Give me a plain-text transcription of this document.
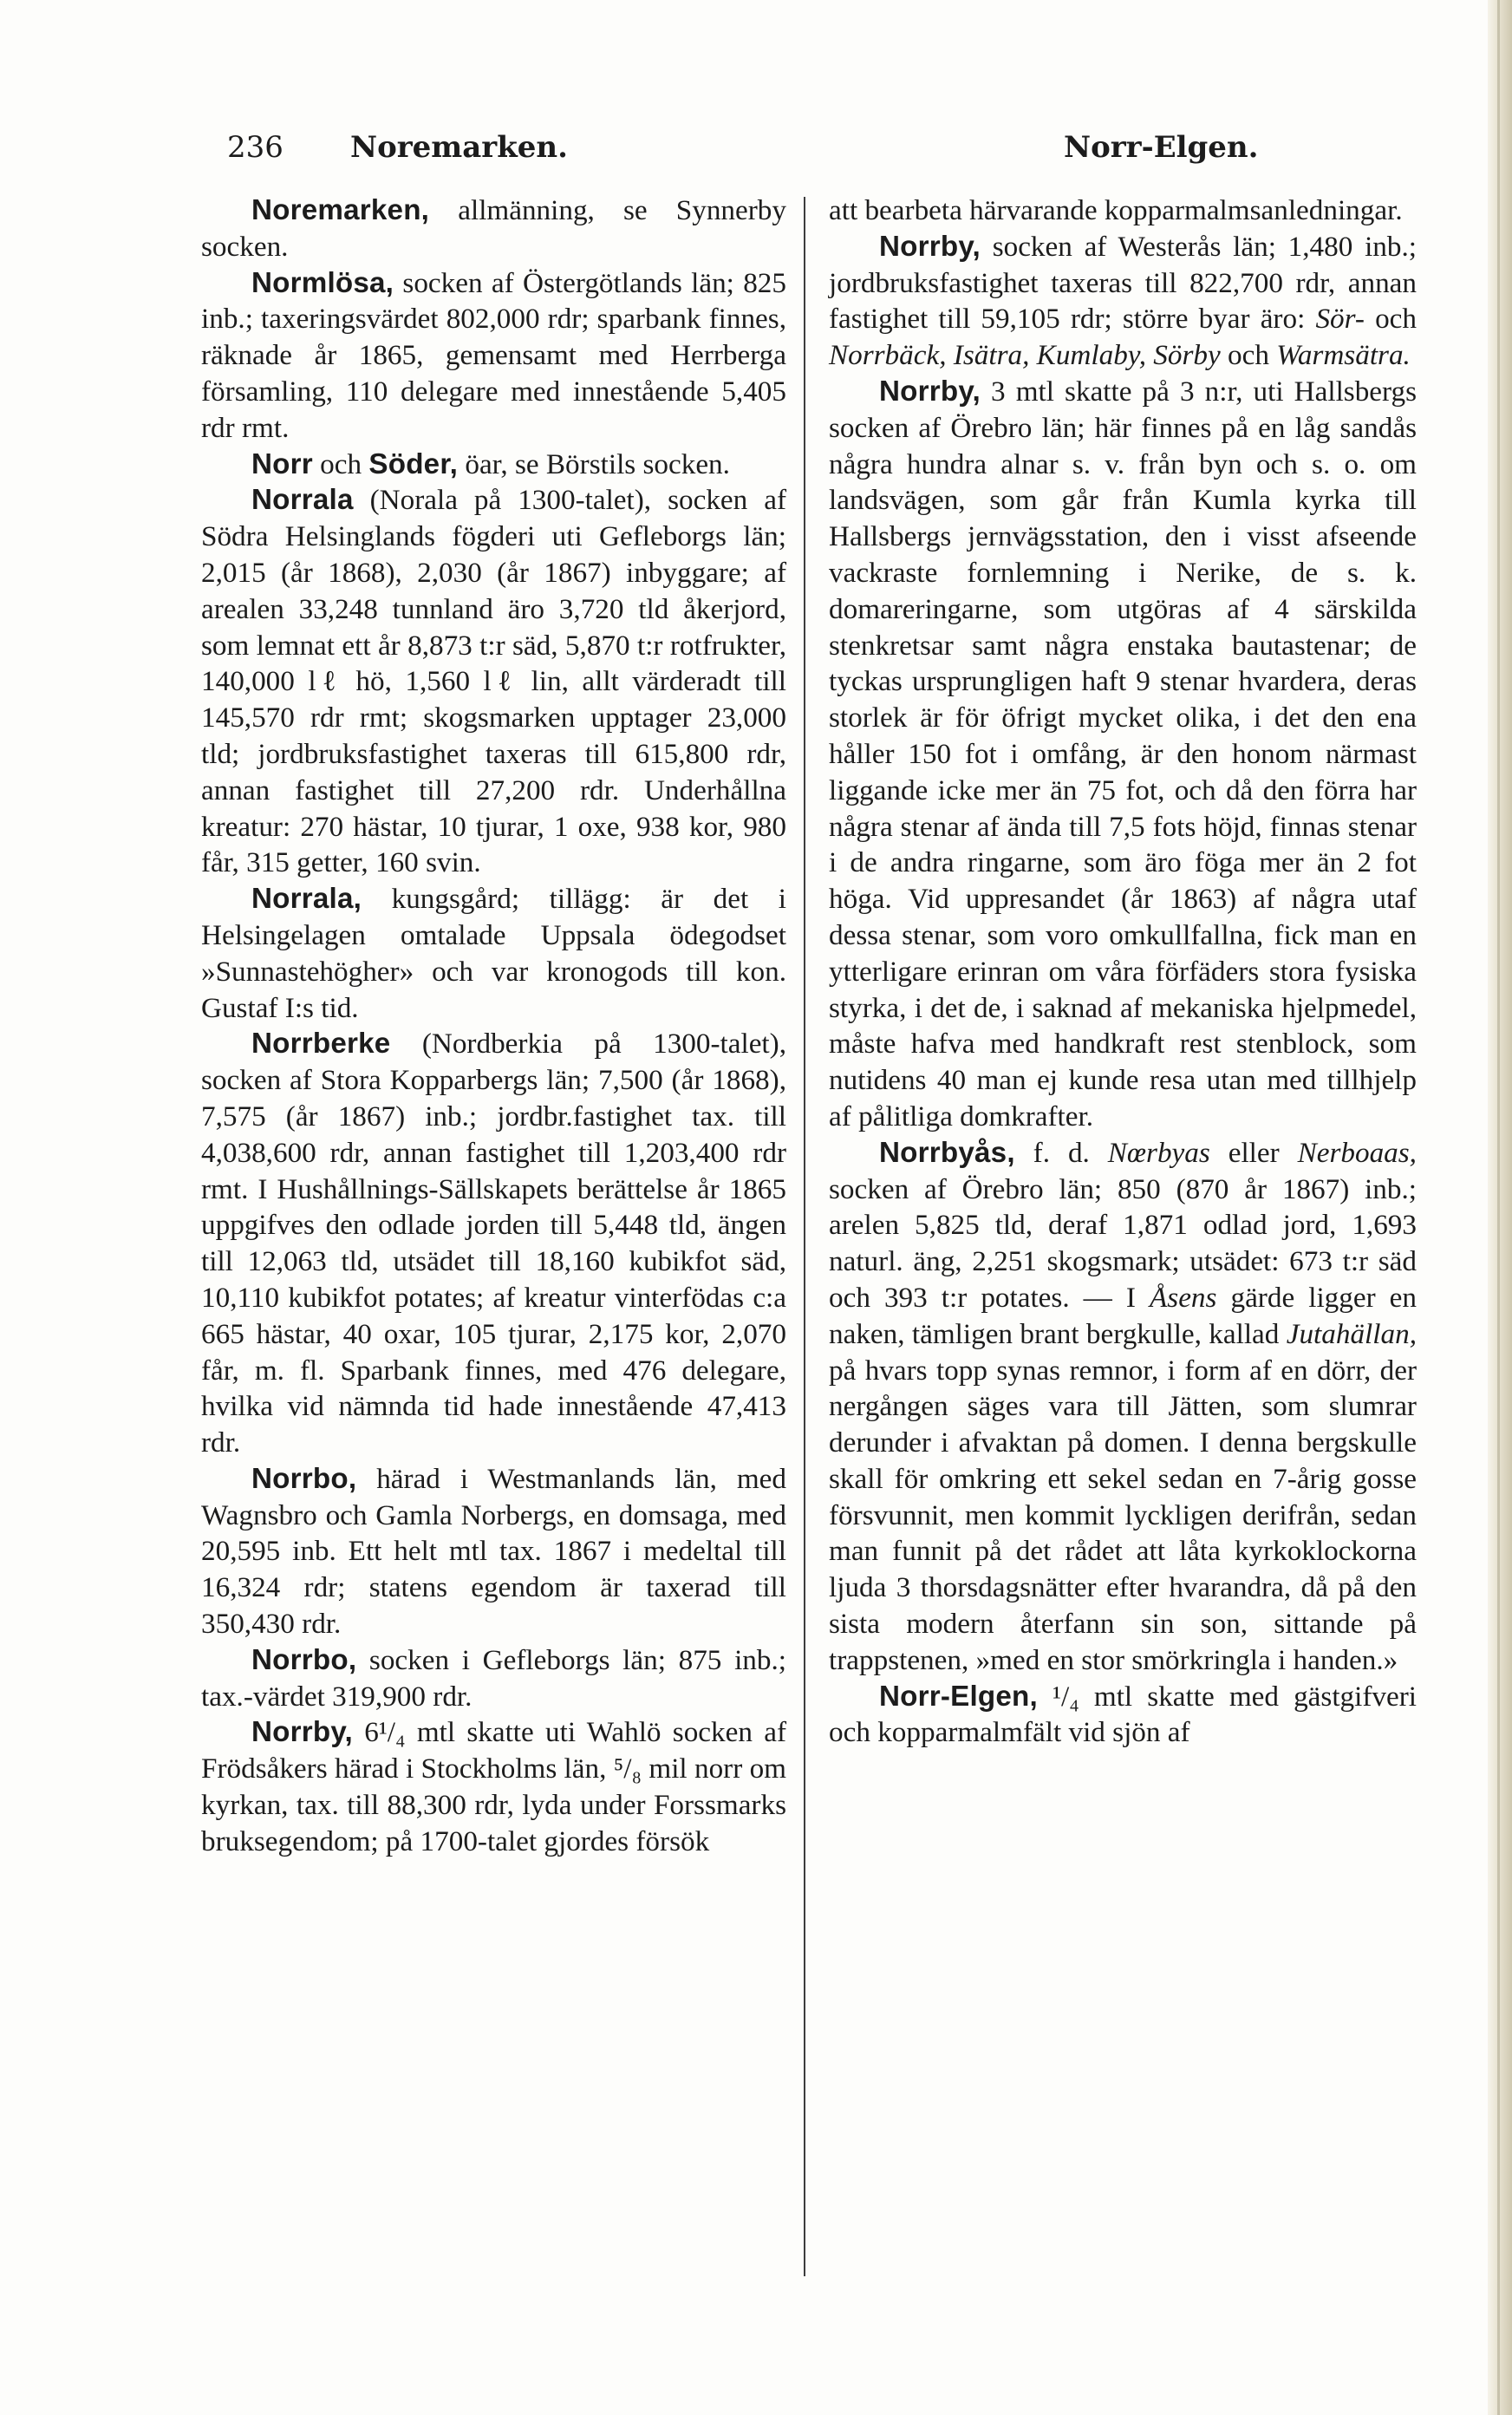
236 Noremarken.	Norr-Elgen.

Noremarken, allmänning, se Synnerby socken.

Normlösa, socken af Östergötlands län; 825 inb.; taxeringsvärdet 802,000 rdr; sparbank finnes, räknade år 1865, gemensamt med Herrberga församling, 110 delegare med innestående 5,405 rdr rmt.

Norr och Söder, öar, se Börstils socken.

Norrala (Norala på 1300-talet), socken af Södra Helsinglands fögderi uti Gefleborgs län; 2,015 (år 1868), 2,030 (år 1867) inbyggare; af arealen 33,248 tunnland äro 3,720 tld åkerjord, som lemnat ett år 8,873 t:r säd, 5,870 t:r rotfrukter, 140,000 lℓ hö, 1,560 lℓ lin, allt värderadt till 145,570 rdr rmt; skogsmarken upptager 23,000 tld; jordbruksfastighet taxeras till 615,800 rdr, annan fastighet till 27,200 rdr. Underhållna kreatur: 270 hästar, 10 tjurar, 1 oxe, 938 kor, 980 får, 315 getter, 160 svin.

Norrala, kungsgård; tillägg: är det i Helsingelagen omtalade Uppsala ödegodset »Sunnastehögher» och var kronogods till kon. Gustaf I:s tid.

Norrberke (Nordberkia på 1300-talet), socken af Stora Kopparbergs län; 7,500 (år 1868), 7,575 (år 1867) inb.; jordbr.fastighet tax. till 4,038,600 rdr, annan fastighet till 1,203,400 rdr rmt. I Hushållnings-Sällskapets berättelse år 1865 uppgifves den odlade jorden till 5,448 tld, ängen till 12,063 tld, utsädet till 18,160 kubikfot säd, 10,110 kubikfot potates; af kreatur vinterfödas c:a 665 hästar, 40 oxar, 105 tjurar, 2,175 kor, 2,070 får, m. fl. Sparbank finnes, med 476 delegare, hvilka vid nämnda tid hade innestående 47,413 rdr.

Norrbo, härad i Westmanlands län, med Wagnsbro och Gamla Norbergs, en domsaga, med 20,595 inb. Ett helt mtl tax. 1867 i medeltal till 16,324 rdr; statens egendom är taxerad till 350,430 rdr.

Norrbo, socken i Gefleborgs län; 875 inb.; tax.-värdet 319,900 rdr.

Norrby, 6¹/₄ mtl skatte uti Wahlö socken af Frödsåkers härad i Stockholms län, ⁵/₈ mil norr om kyrkan, tax. till 88,300 rdr, lyda under Forssmarks bruksegendom; på 1700-talet gjordes försök

att bearbeta härvarande kopparmalmsanledningar.

Norrby, socken af Westerås län; 1,480 inb.; jordbruksfastighet taxeras till 822,700 rdr, annan fastighet till 59,105 rdr; större byar äro: Sör- och Norrbäck, Isätra, Kumlaby, Sörby och Warmsätra.

Norrby, 3 mtl skatte på 3 n:r, uti Hallsbergs socken af Örebro län; här finnes på en låg sandås några hundra alnar s. v. från byn och s. o. om landsvägen, som går från Kumla kyrka till Hallsbergs jernvägsstation, den i visst afseende vackraste fornlemning i Nerike, de s. k. domareringarne, som utgöras af 4 särskilda stenkretsar samt några enstaka bautastenar; de tyckas ursprungligen haft 9 stenar hvardera, deras storlek är för öfrigt mycket olika, i det den ena håller 150 fot i omfång, är den honom närmast liggande icke mer än 75 fot, och då den förra har några stenar af ända till 7,5 fots höjd, finnas stenar i de andra ringarne, som äro föga mer än 2 fot höga. Vid uppresandet (år 1863) af några utaf dessa stenar, som voro omkullfallna, fick man en ytterligare erinran om våra förfäders stora fysiska styrka, i det de, i saknad af mekaniska hjelpmedel, måste hafva med handkraft rest stenblock, som nutidens 40 man ej kunde resa utan med tillhjelp af pålitliga domkrafter.

Norrbyås, f. d. Nœrbyas eller Nerboaas, socken af Örebro län; 850 (870 år 1867) inb.; arelen 5,825 tld, deraf 1,871 odlad jord, 1,693 naturl. äng, 2,251 skogsmark; utsädet: 673 t:r säd och 393 t:r potates. — I Åsens gärde ligger en naken, tämligen brant bergkulle, kallad Jutahällan, på hvars topp synas remnor, i form af en dörr, der nergången säges vara till Jätten, som slumrar derunder i afvaktan på domen. I denna bergskulle skall för omkring ett sekel sedan en 7-årig gosse försvunnit, men kommit lyckligen derifrån, sedan man funnit på det rådet att låta kyrkoklockorna ljuda 3 thorsdagsnätter efter hvarandra, då på den sista modern återfann sin son, sittande på trappstenen, »med en stor smörkringla i handen.»

Norr-Elgen, ¹/₄ mtl skatte med gästgifveri och kopparmalmfält vid sjön af
